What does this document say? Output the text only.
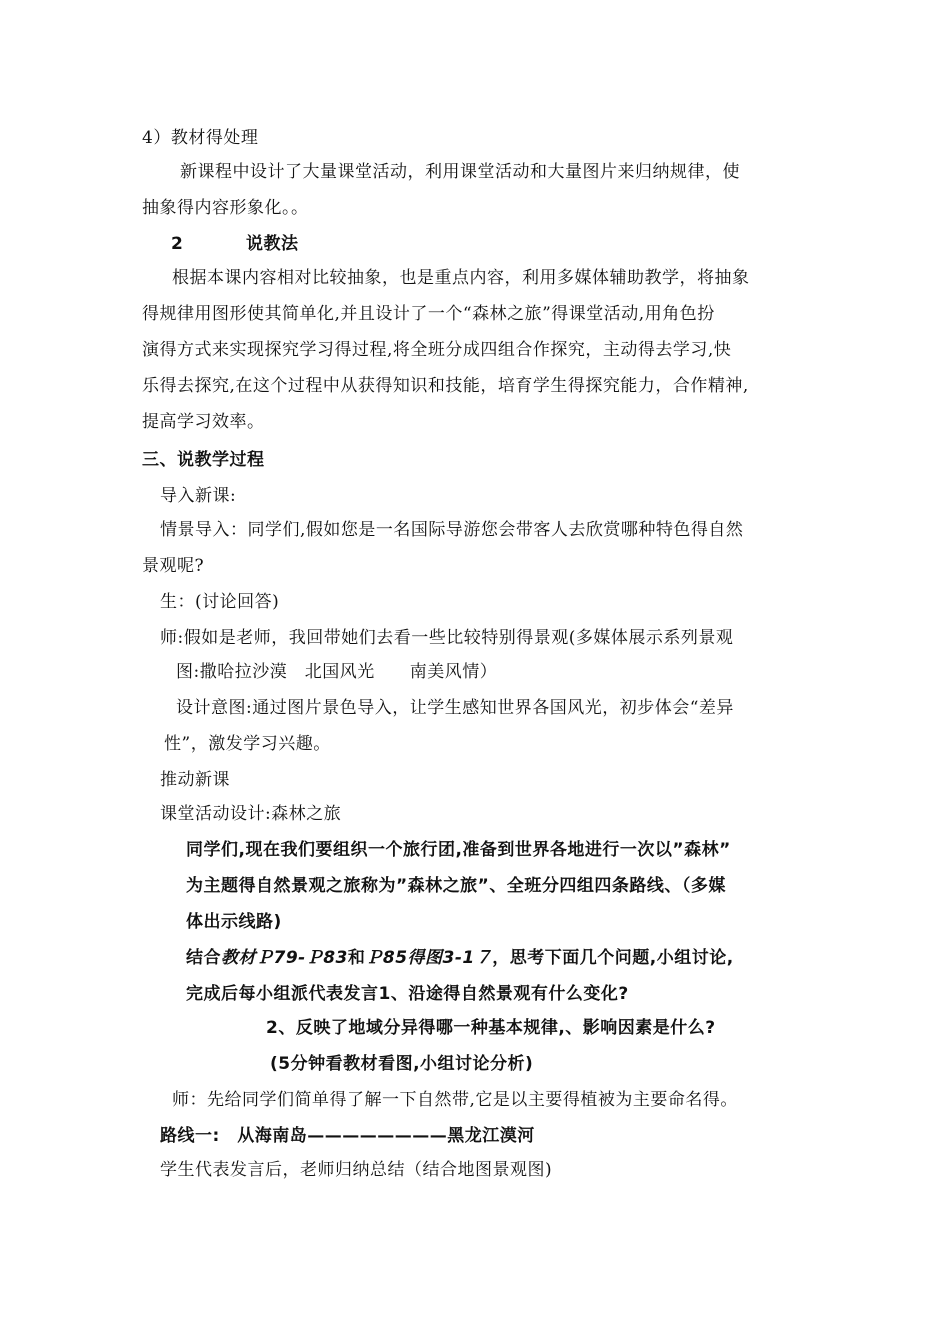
4）教材得处理
新课程中设计了大量课堂活动，利用课堂活动和大量图片来归纳规律，使
抽象得内容形象化。。
2	说教法
根据本课内容相对比较抽象，也是重点内容，利用多媒体辅助教学，将抽象
得规律用图形使其简单化,并且设计了一个“森林之旅”得课堂活动,用角色扮
演得方式来实现探究学习得过程,将全班分成四组合作探究，主动得去学习,快
乐得去探究,在这个过程中从获得知识和技能，培育学生得探究能力，合作精神,
提高学习效率。
三、说教学过程
导入新课:
情景导入：同学们,假如您是一名国际导游您会带客人去欣赏哪种特色得自然
景观呢?
生：(讨论回答)
师:假如是老师，我回带她们去看一些比较特别得景观(多媒体展示系列景观
图:撒哈拉沙漠　北国风光　　南美风情）
设计意图:通过图片景色导入，让学生感知世界各国风光，初步体会“差异
性”，激发学习兴趣。
推动新课
课堂活动设计:森林之旅
同学们,现在我们要组织一个旅行团,准备到世界各地进行一次以”森林”
为主题得自然景观之旅称为”森林之旅”、全班分四组四条路线、（多媒
体出示线路)
结合教材Ｐ79-Ｐ83和Ｐ85得图3-1７，思考下面几个问题,小组讨论,
完成后每小组派代表发言1、沿途得自然景观有什么变化?
2、反映了地域分异得哪一种基本规律,、影响因素是什么?
(5分钟看教材看图,小组讨论分析)
师：先给同学们简单得了解一下自然带,它是以主要得植被为主要命名得。
路线一:　从海南岛————————黑龙江漠河
学生代表发言后，老师归纳总结（结合地图景观图)
